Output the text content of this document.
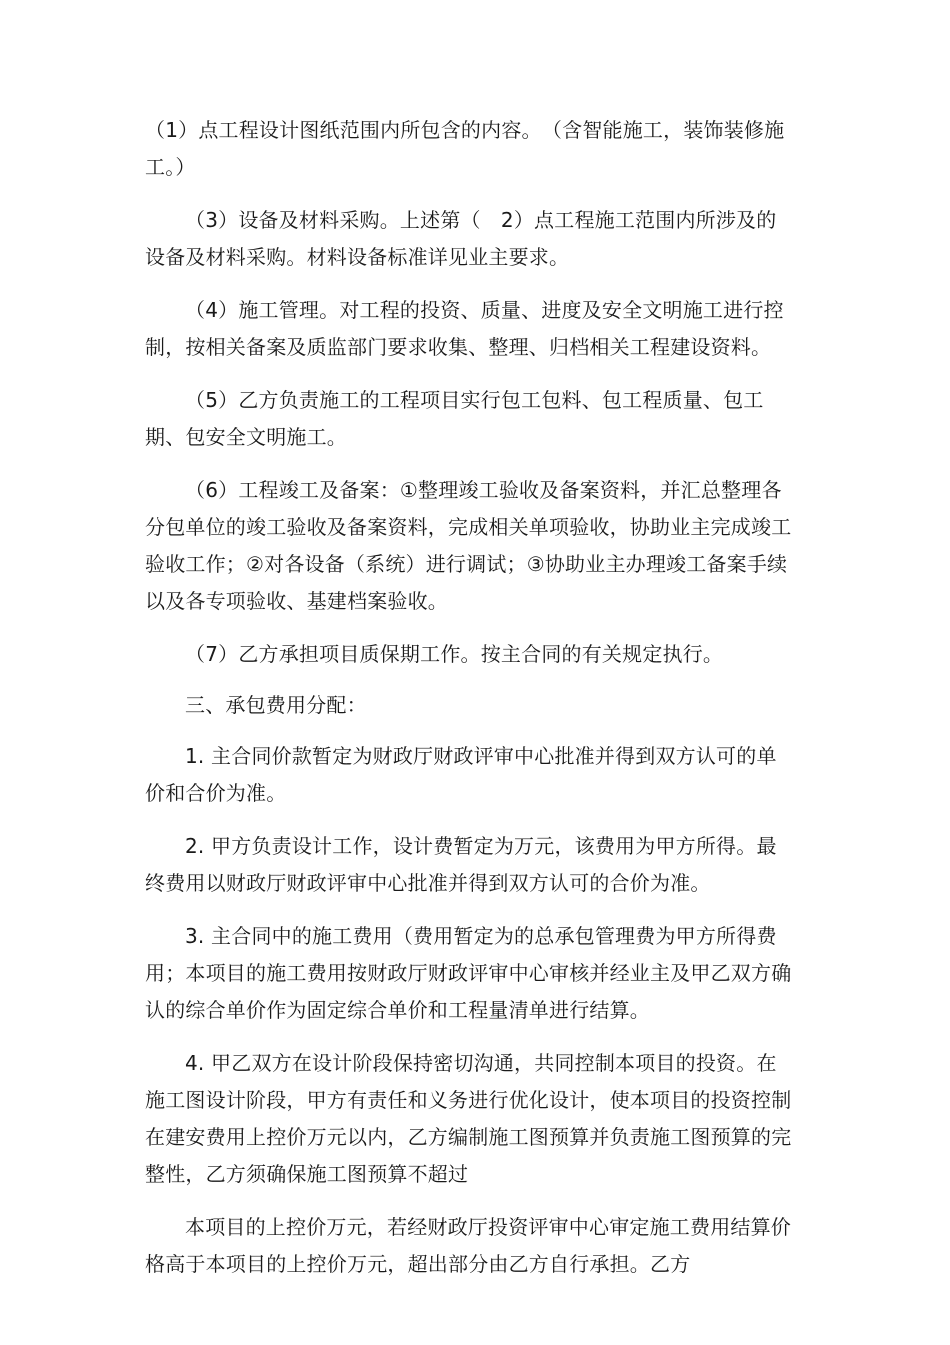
（1）点工程设计图纸范围内所包含的内容。　（含智能施工，装饰装修施工。）

（3）设备及材料采购。上述第（　2）点工程施工范围内所涉及的设备及材料采购。材料设备标准详见业主要求。

（4）施工管理。对工程的投资、质量、进度及安全文明施工进行控制，按相关备案及质监部门要求收集、整理、归档相关工程建设资料。

（5）乙方负责施工的工程项目实行包工包料、包工程质量、包工期、包安全文明施工。

（6）工程竣工及备案：①整理竣工验收及备案资料，并汇总整理各分包单位的竣工验收及备案资料，完成相关单项验收，协助业主完成竣工验收工作；②对各设备（系统）进行调试；③协助业主办理竣工备案手续以及各专项验收、基建档案验收。

（7）乙方承担项目质保期工作。按主合同的有关规定执行。

三、承包费用分配：

1. 主合同价款暂定为财政厅财政评审中心批准并得到双方认可的单价和合价为准。

2. 甲方负责设计工作，设计费暂定为万元，该费用为甲方所得。最终费用以财政厅财政评审中心批准并得到双方认可的合价为准。

3. 主合同中的施工费用（费用暂定为的总承包管理费为甲方所得费用；本项目的施工费用按财政厅财政评审中心审核并经业主及甲乙双方确认的综合单价作为固定综合单价和工程量清单进行结算。

4. 甲乙双方在设计阶段保持密切沟通，共同控制本项目的投资。在施工图设计阶段，甲方有责任和义务进行优化设计，使本项目的投资控制在建安费用上控价万元以内，乙方编制施工图预算并负责施工图预算的完整性，乙方须确保施工图预算不超过

本项目的上控价万元，若经财政厅投资评审中心审定施工费用结算价格高于本项目的上控价万元，超出部分由乙方自行承担。乙方
